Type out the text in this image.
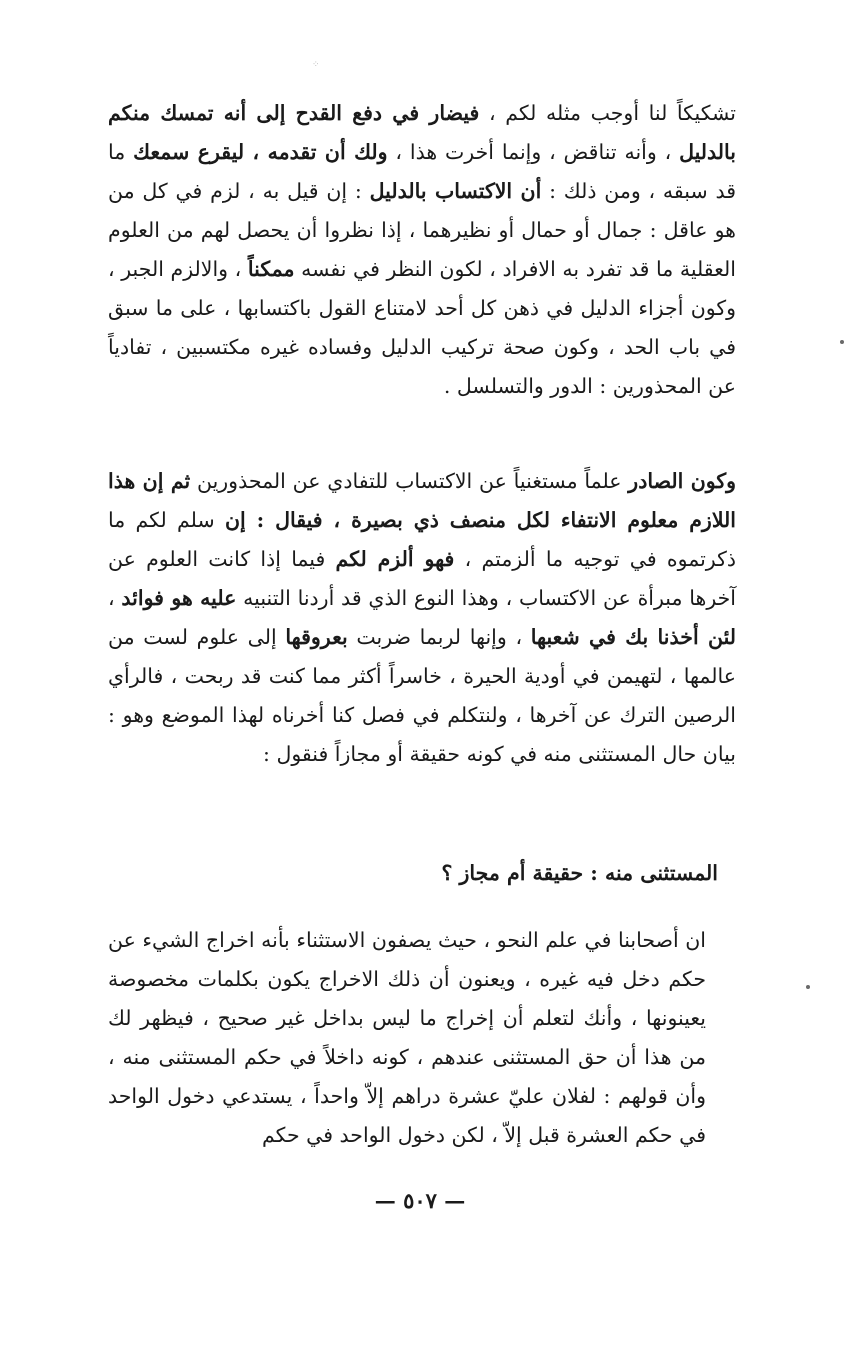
⁘

تشكيكاً لنا أوجب مثله لكم ، فيضار في دفع القدح إلى أنه تمسك منكم بالدليل ، وأنه تناقض ، وإنما أخرت هذا ، ولك أن تقدمه ، ليقرع سمعك ما قد سبقه ، ومن ذلك : أن الاكتساب بالدليل : إن قيل به ، لزم في كل من هو عاقل : جمال أو حمال أو نظيرهما ، إذا نظروا أن يحصل لهم من العلوم العقلية ما قد تفرد به الافراد ، لكون النظر في نفسه ممكناً ، والالزم الجبر ، وكون أجزاء الدليل في ذهن كل أحد لامتناع القول باكتسابها ، على ما سبق في باب الحد ، وكون صحة تركيب الدليل وفساده غيره مكتسبين ، تفادياً عن المحذورين : الدور والتسلسل .

وكون الصادر علماً مستغنياً عن الاكتساب للتفادي عن المحذورين ثم إن هذا اللازم معلوم الانتفاء لكل منصف ذي بصيرة ، فيقال : إن سلم لكم ما ذكرتموه في توجيه ما ألزمتم ، فهو ألزم لكم فيما إذا كانت العلوم عن آخرها مبرأة عن الاكتساب ، وهذا النوع الذي قد أردنا التنبيه عليه هو فوائد ، لئن أخذنا بك في شعبها ، وإنها لربما ضربت بعروقها إلى علوم لست من عالمها ، لتهيمن في أودية الحيرة ، خاسراً أكثر مما كنت قد ربحت ، فالرأي الرصين الترك عن آخرها ، ولنتكلم في فصل كنا أخرناه لهذا الموضع وهو : بيان حال المستثنى منه في كونه حقيقة أو مجازاً فنقول :

المستثنى منه : حقيقة أم مجاز ؟

ان أصحابنا في علم النحو ، حيث يصفون الاستثناء بأنه اخراج الشيء عن حكم دخل فيه غيره ، ويعنون أن ذلك الاخراج يكون بكلمات مخصوصة يعينونها ، وأنك لتعلم أن إخراج ما ليس بداخل غير صحيح ، فيظهر لك من هذا أن حق المستثنى عندهم ، كونه داخلاً في حكم المستثنى منه ، وأن قولهم : لفلان عليّ عشرة دراهم إلاّ واحداً ، يستدعي دخول الواحد في حكم العشرة قبل إلاّ ، لكن دخول الواحد في حكم

— ٥٠٧ —
